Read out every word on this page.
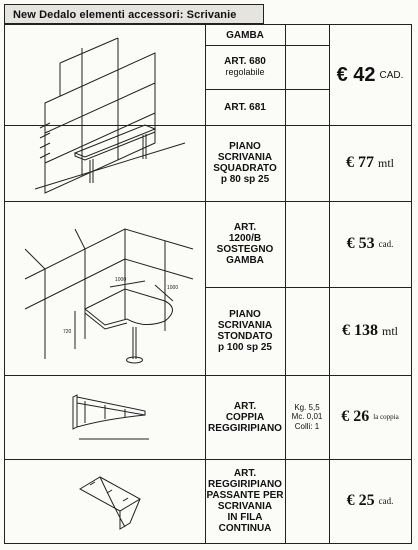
New Dedalo elementi accessori: Scrivanie
GAMBA
ART. 680
regolabile
ART. 681
PIANO
SCRIVANIA
SQUADRATO
p 80 sp 25
ART.
1200/B
SOSTEGNO
GAMBA
PIANO
SCRIVANIA
STONDATO
p 100 sp 25
ART.
COPPIA
REGGIRIPIANO
ART.
REGGIRIPIANO
PASSANTE PER
SCRIVANIA
IN FILA
CONTINUA
Kg. 5,5
Mc. 0,01
Colli: 1
€ 42 CAD.
€ 77 mtl
€ 53 cad.
€ 138 mtl
€ 26 la coppia
€ 25 cad.
1000
1000
720
